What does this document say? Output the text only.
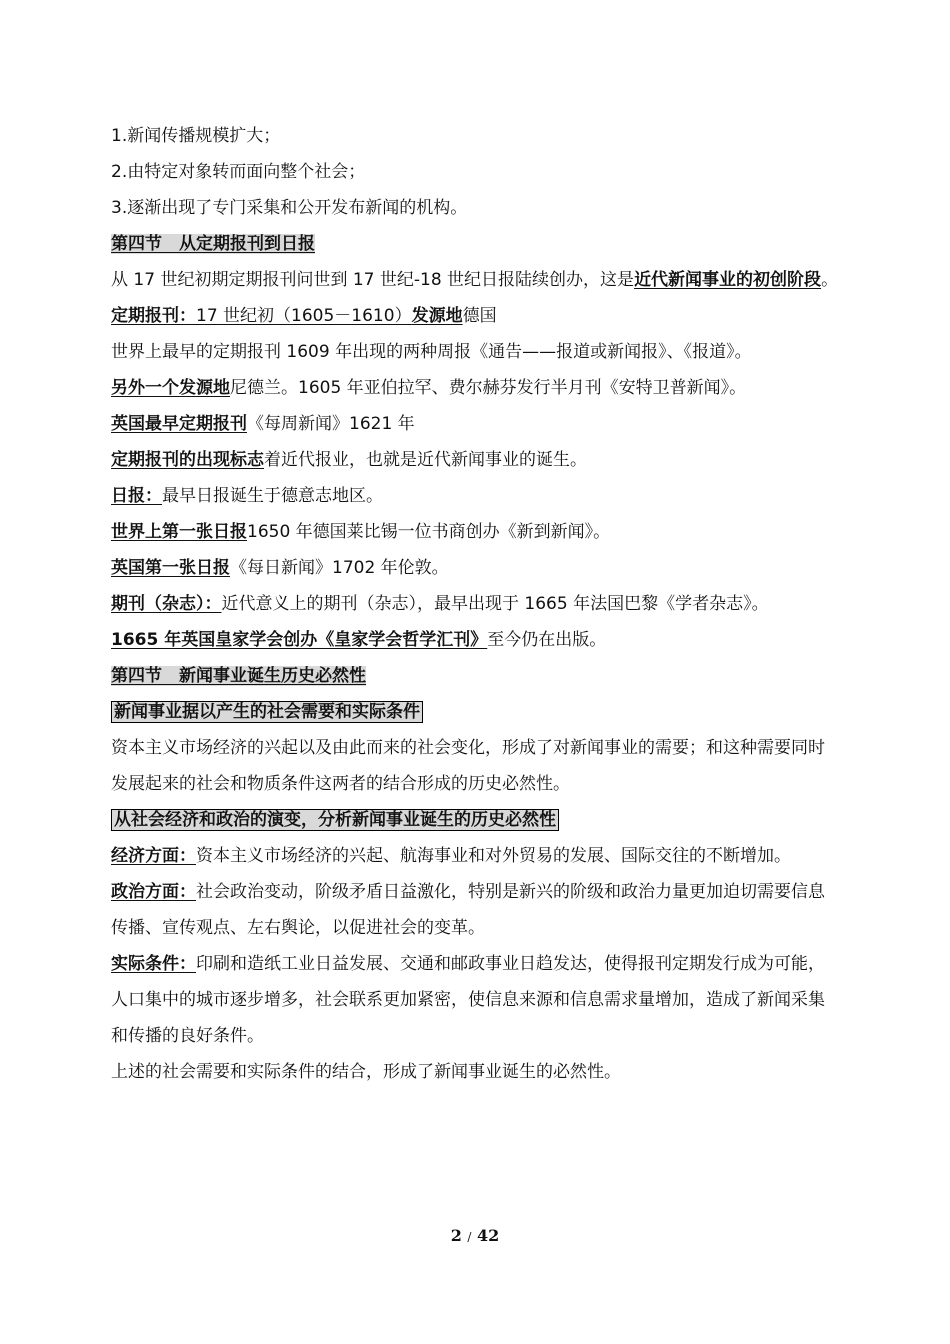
1.新闻传播规模扩大；

2.由特定对象转而面向整个社会；

3.逐渐出现了专门采集和公开发布新闻的机构。

第四节　从定期报刊到日报

从 17 世纪初期定期报刊问世到 17 世纪-18 世纪日报陆续创办，这是近代新闻事业的初创阶段。

定期报刊：17 世纪初（1605－1610）发源地德国

世界上最早的定期报刊 1609 年出现的两种周报《通告——报道或新闻报》、《报道》。

另外一个发源地尼德兰。1605 年亚伯拉罕、费尔赫芬发行半月刊《安特卫普新闻》。

英国最早定期报刊《每周新闻》1621 年

定期报刊的出现标志着近代报业，也就是近代新闻事业的诞生。

日报：最早日报诞生于德意志地区。

世界上第一张日报1650 年德国莱比锡一位书商创办《新到新闻》。

英国第一张日报《每日新闻》1702 年伦敦。

期刊（杂志）：近代意义上的期刊（杂志），最早出现于 1665 年法国巴黎《学者杂志》。

1665 年英国皇家学会创办《皇家学会哲学汇刊》至今仍在出版。

第四节　新闻事业诞生历史必然性

新闻事业据以产生的社会需要和实际条件

资本主义市场经济的兴起以及由此而来的社会变化，形成了对新闻事业的需要；和这种需要同时发展起来的社会和物质条件这两者的结合形成的历史必然性。

从社会经济和政治的演变，分析新闻事业诞生的历史必然性

经济方面：资本主义市场经济的兴起、航海事业和对外贸易的发展、国际交往的不断增加。

政治方面：社会政治变动，阶级矛盾日益激化，特别是新兴的阶级和政治力量更加迫切需要信息传播、宣传观点、左右舆论，以促进社会的变革。

实际条件：印刷和造纸工业日益发展、交通和邮政事业日趋发达，使得报刊定期发行成为可能，人口集中的城市逐步增多，社会联系更加紧密，使信息来源和信息需求量增加，造成了新闻采集和传播的良好条件。

上述的社会需要和实际条件的结合，形成了新闻事业诞生的必然性。

2 / 42
